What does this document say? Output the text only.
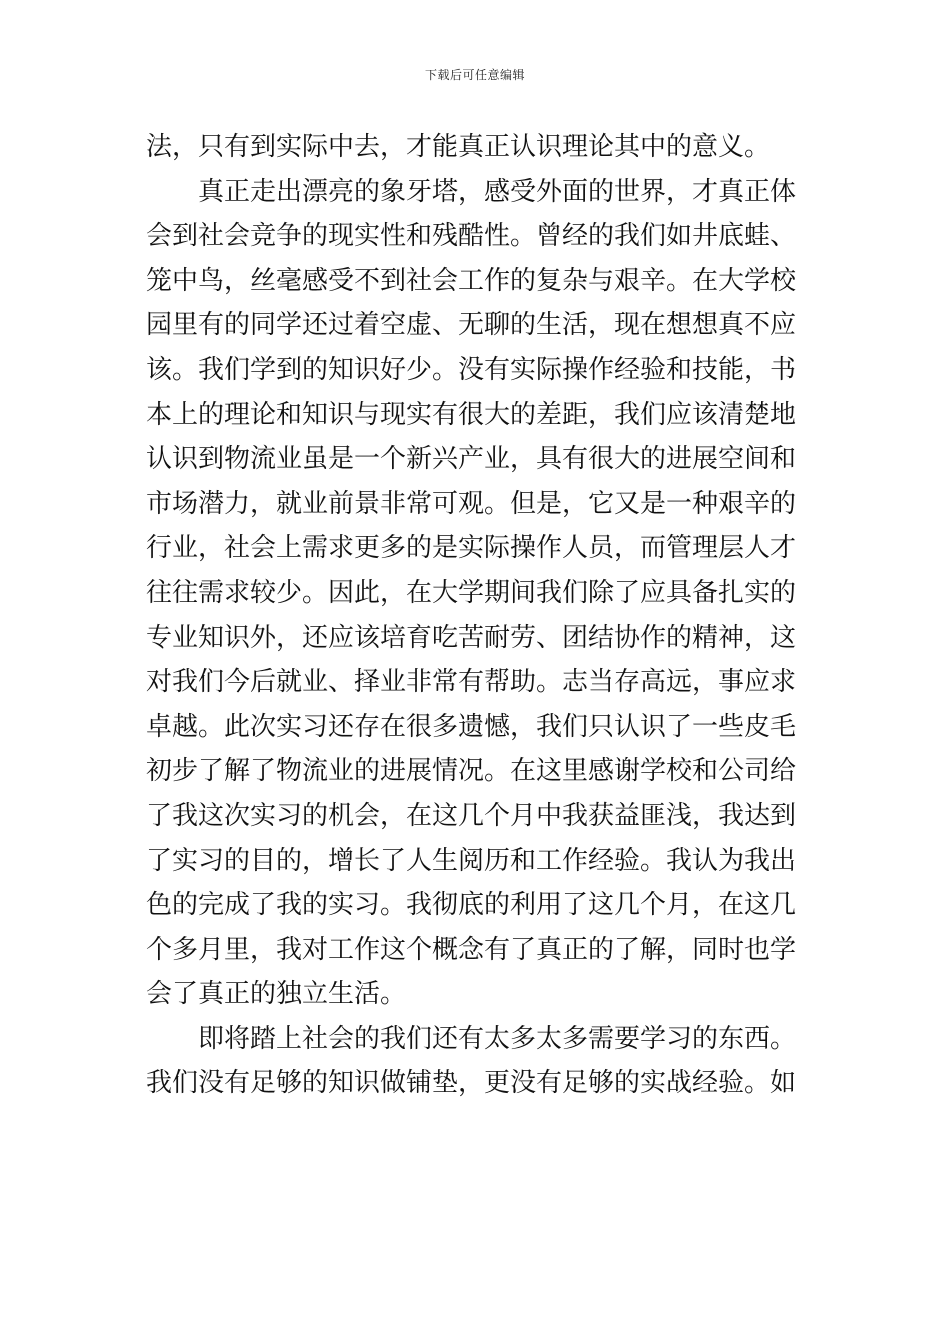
下载后可任意编辑
法，只有到实际中去，才能真正认识理论其中的意义。
真正走出漂亮的象牙塔，感受外面的世界，才真正体
会到社会竞争的现实性和残酷性。曾经的我们如井底蛙、
笼中鸟，丝毫感受不到社会工作的复杂与艰辛。在大学校
园里有的同学还过着空虚、无聊的生活，现在想想真不应
该。我们学到的知识好少。没有实际操作经验和技能，书
本上的理论和知识与现实有很大的差距，我们应该清楚地
认识到物流业虽是一个新兴产业，具有很大的进展空间和
市场潜力，就业前景非常可观。但是，它又是一种艰辛的
行业，社会上需求更多的是实际操作人员，而管理层人才
往往需求较少。因此，在大学期间我们除了应具备扎实的
专业知识外，还应该培育吃苦耐劳、团结协作的精神，这
对我们今后就业、择业非常有帮助。志当存高远，事应求
卓越。此次实习还存在很多遗憾，我们只认识了一些皮毛
初步了解了物流业的进展情况。在这里感谢学校和公司给
了我这次实习的机会，在这几个月中我获益匪浅，我达到
了实习的目的，增长了人生阅历和工作经验。我认为我出
色的完成了我的实习。我彻底的利用了这几个月，在这几
个多月里，我对工作这个概念有了真正的了解，同时也学
会了真正的独立生活。
即将踏上社会的我们还有太多太多需要学习的东西。
我们没有足够的知识做铺垫，更没有足够的实战经验。如
